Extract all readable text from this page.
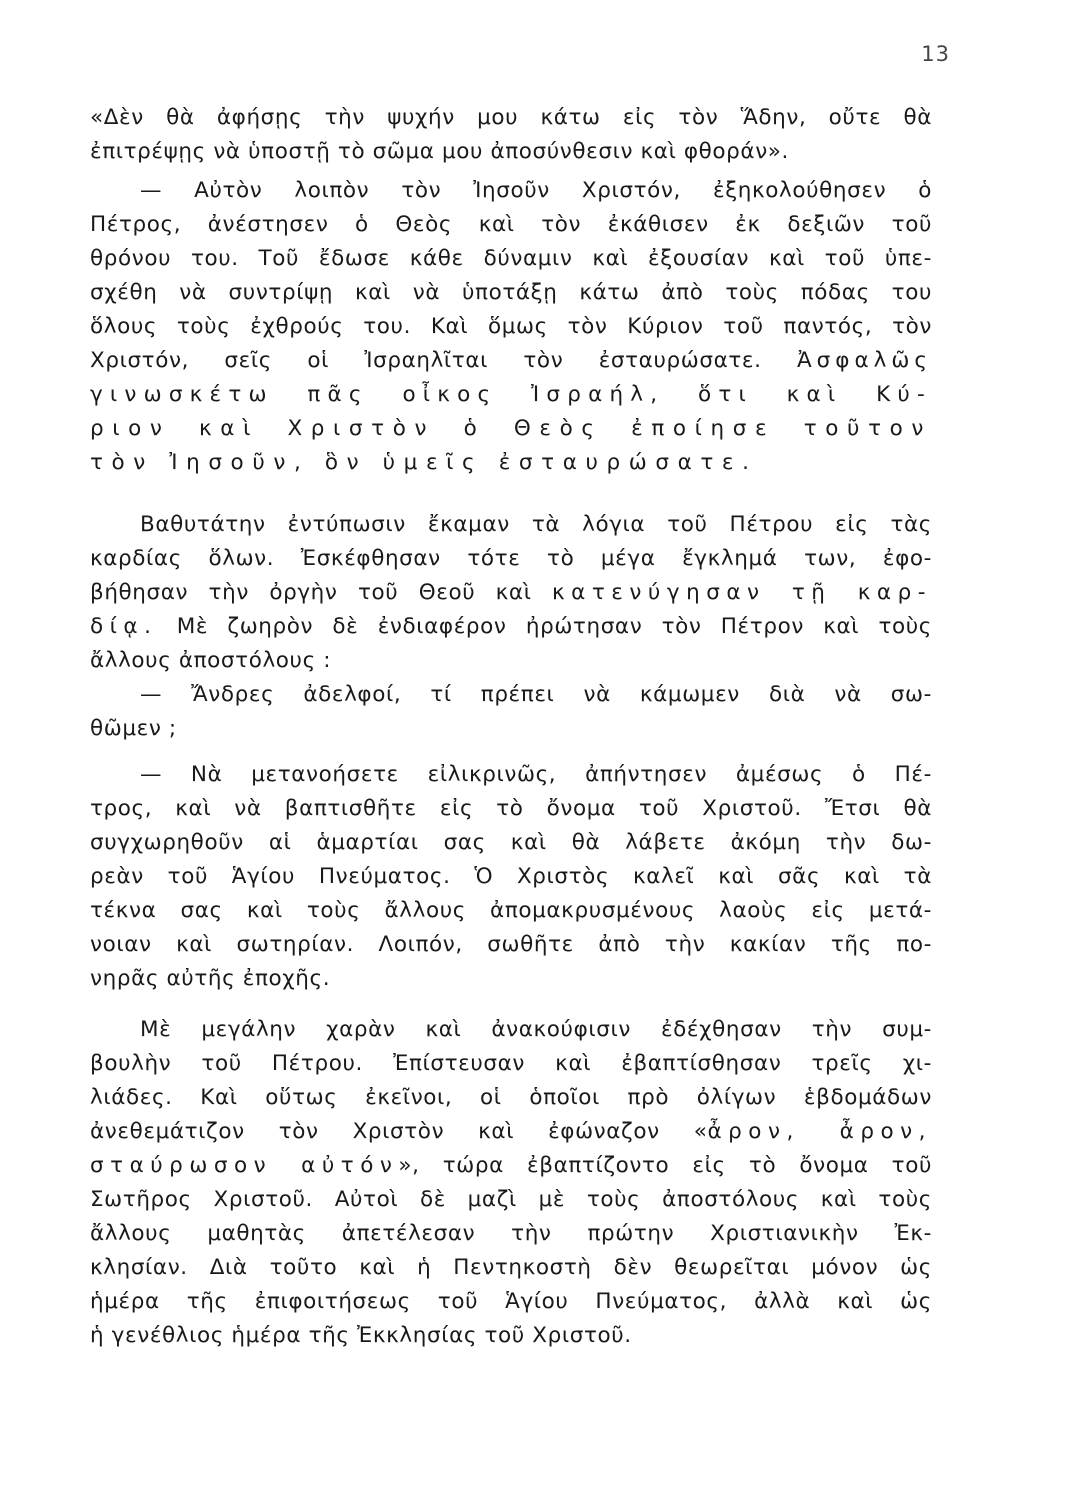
13
«Δὲν θὰ ἀφήσῃς τὴν ψυχήν μου κάτω εἰς τὸν Ἅδην, οὔτε θὰ
ἐπιτρέψῃς νὰ ὑποστῇ τὸ σῶμα μου ἀποσύνθεσιν καὶ φθοράν».
— Αὐτὸν λοιπὸν τὸν Ἰησοῦν Χριστόν, ἐξηκολούθησεν ὁ
Πέτρος, ἀνέστησεν ὁ Θεὸς καὶ τὸν ἐκάθισεν ἐκ δεξιῶν τοῦ
θρόνου του. Τοῦ ἔδωσε κάθε δύναμιν καὶ ἐξουσίαν καὶ τοῦ ὑπε-
σχέθη νὰ συντρίψῃ καὶ νὰ ὑποτάξῃ κάτω ἀπὸ τοὺς πόδας του
ὅλους τοὺς ἐχθρούς του. Καὶ ὅμως τὸν Κύριον τοῦ παντός, τὸν
Χριστόν, σεῖς οἱ Ἰσραηλῖται τὸν ἐσταυρώσατε. Ἀσφαλῶς
γινωσκέτω πᾶς οἶκος Ἰσραήλ, ὅτι καὶ Κύ-
ριον καὶ Χριστὸν ὁ Θεὸς ἐποίησε τοῦτον
τὸν Ἰησοῦν, ὃν ὑμεῖς ἐσταυρώσατε.
Βαθυτάτην ἐντύπωσιν ἔκαμαν τὰ λόγια τοῦ Πέτρου εἰς τὰς
καρδίας ὅλων. Ἐσκέφθησαν τότε τὸ μέγα ἔγκλημά των, ἐφο-
βήθησαν τὴν ὀργὴν τοῦ Θεοῦ καὶ κατενύγησαν τῇ καρ-
δίᾳ. Μὲ ζωηρὸν δὲ ἐνδιαφέρον ἠρώτησαν τὸν Πέτρον καὶ τοὺς
ἄλλους ἀποστόλους :
— Ἄνδρες ἀδελφοί, τί πρέπει νὰ κάμωμεν διὰ νὰ σω-
θῶμεν ;
— Νὰ μετανοήσετε εἰλικρινῶς, ἀπήντησεν ἀμέσως ὁ Πέ-
τρος, καὶ νὰ βαπτισθῆτε εἰς τὸ ὄνομα τοῦ Χριστοῦ. Ἔτσι θὰ
συγχωρηθοῦν αἱ ἁμαρτίαι σας καὶ θὰ λάβετε ἀκόμη τὴν δω-
ρεὰν τοῦ Ἁγίου Πνεύματος. Ὁ Χριστὸς καλεῖ καὶ σᾶς καὶ τὰ
τέκνα σας καὶ τοὺς ἄλλους ἀπομακρυσμένους λαοὺς εἰς μετά-
νοιαν καὶ σωτηρίαν. Λοιπόν, σωθῆτε ἀπὸ τὴν κακίαν τῆς πο-
νηρᾶς αὐτῆς ἐποχῆς.
Μὲ μεγάλην χαρὰν καὶ ἀνακούφισιν ἐδέχθησαν τὴν συμ-
βουλὴν τοῦ Πέτρου. Ἐπίστευσαν καὶ ἐβαπτίσθησαν τρεῖς χι-
λιάδες. Καὶ οὕτως ἐκεῖνοι, οἱ ὁποῖοι πρὸ ὀλίγων ἑβδομάδων
ἀνεθεμάτιζον τὸν Χριστὸν καὶ ἐφώναζον «ἆρον, ἆρον,
σταύρωσον αὐτόν», τώρα ἐβαπτίζοντο εἰς τὸ ὄνομα τοῦ
Σωτῆρος Χριστοῦ. Αὐτοὶ δὲ μαζὶ μὲ τοὺς ἀποστόλους καὶ τοὺς
ἄλλους μαθητὰς ἀπετέλεσαν τὴν πρώτην Χριστιανικὴν Ἐκ-
κλησίαν. Διὰ τοῦτο καὶ ἡ Πεντηκοστὴ δὲν θεωρεῖται μόνον ὡς
ἡμέρα τῆς ἐπιφοιτήσεως τοῦ Ἁγίου Πνεύματος, ἀλλὰ καὶ ὡς
ἡ γενέθλιος ἡμέρα τῆς Ἐκκλησίας τοῦ Χριστοῦ.
